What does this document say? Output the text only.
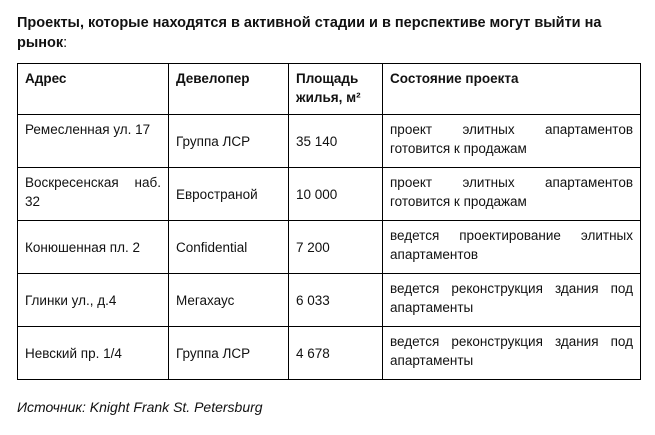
Проекты, которые находятся в активной стадии и в перспективе могут выйти на рынок:
Адрес	Девелопер	Площадь жилья, м²	Состояние проекта
Ремесленная ул. 17	Группа ЛСР	35 140	проект элитных апартаментов готовится к продажам
Воскресенская наб. 32	Евространой	10 000	проект элитных апартаментов готовится к продажам
Конюшенная пл. 2	Confidential	7 200	ведется проектирование элитных апартаментов
Глинки ул., д.4	Мегахаус	6 033	ведется реконструкция здания под апартаменты
Невский пр. 1/4	Группа ЛСР	4 678	ведется реконструкция здания под апартаменты
Источник: Knight Frank St. Petersburg
